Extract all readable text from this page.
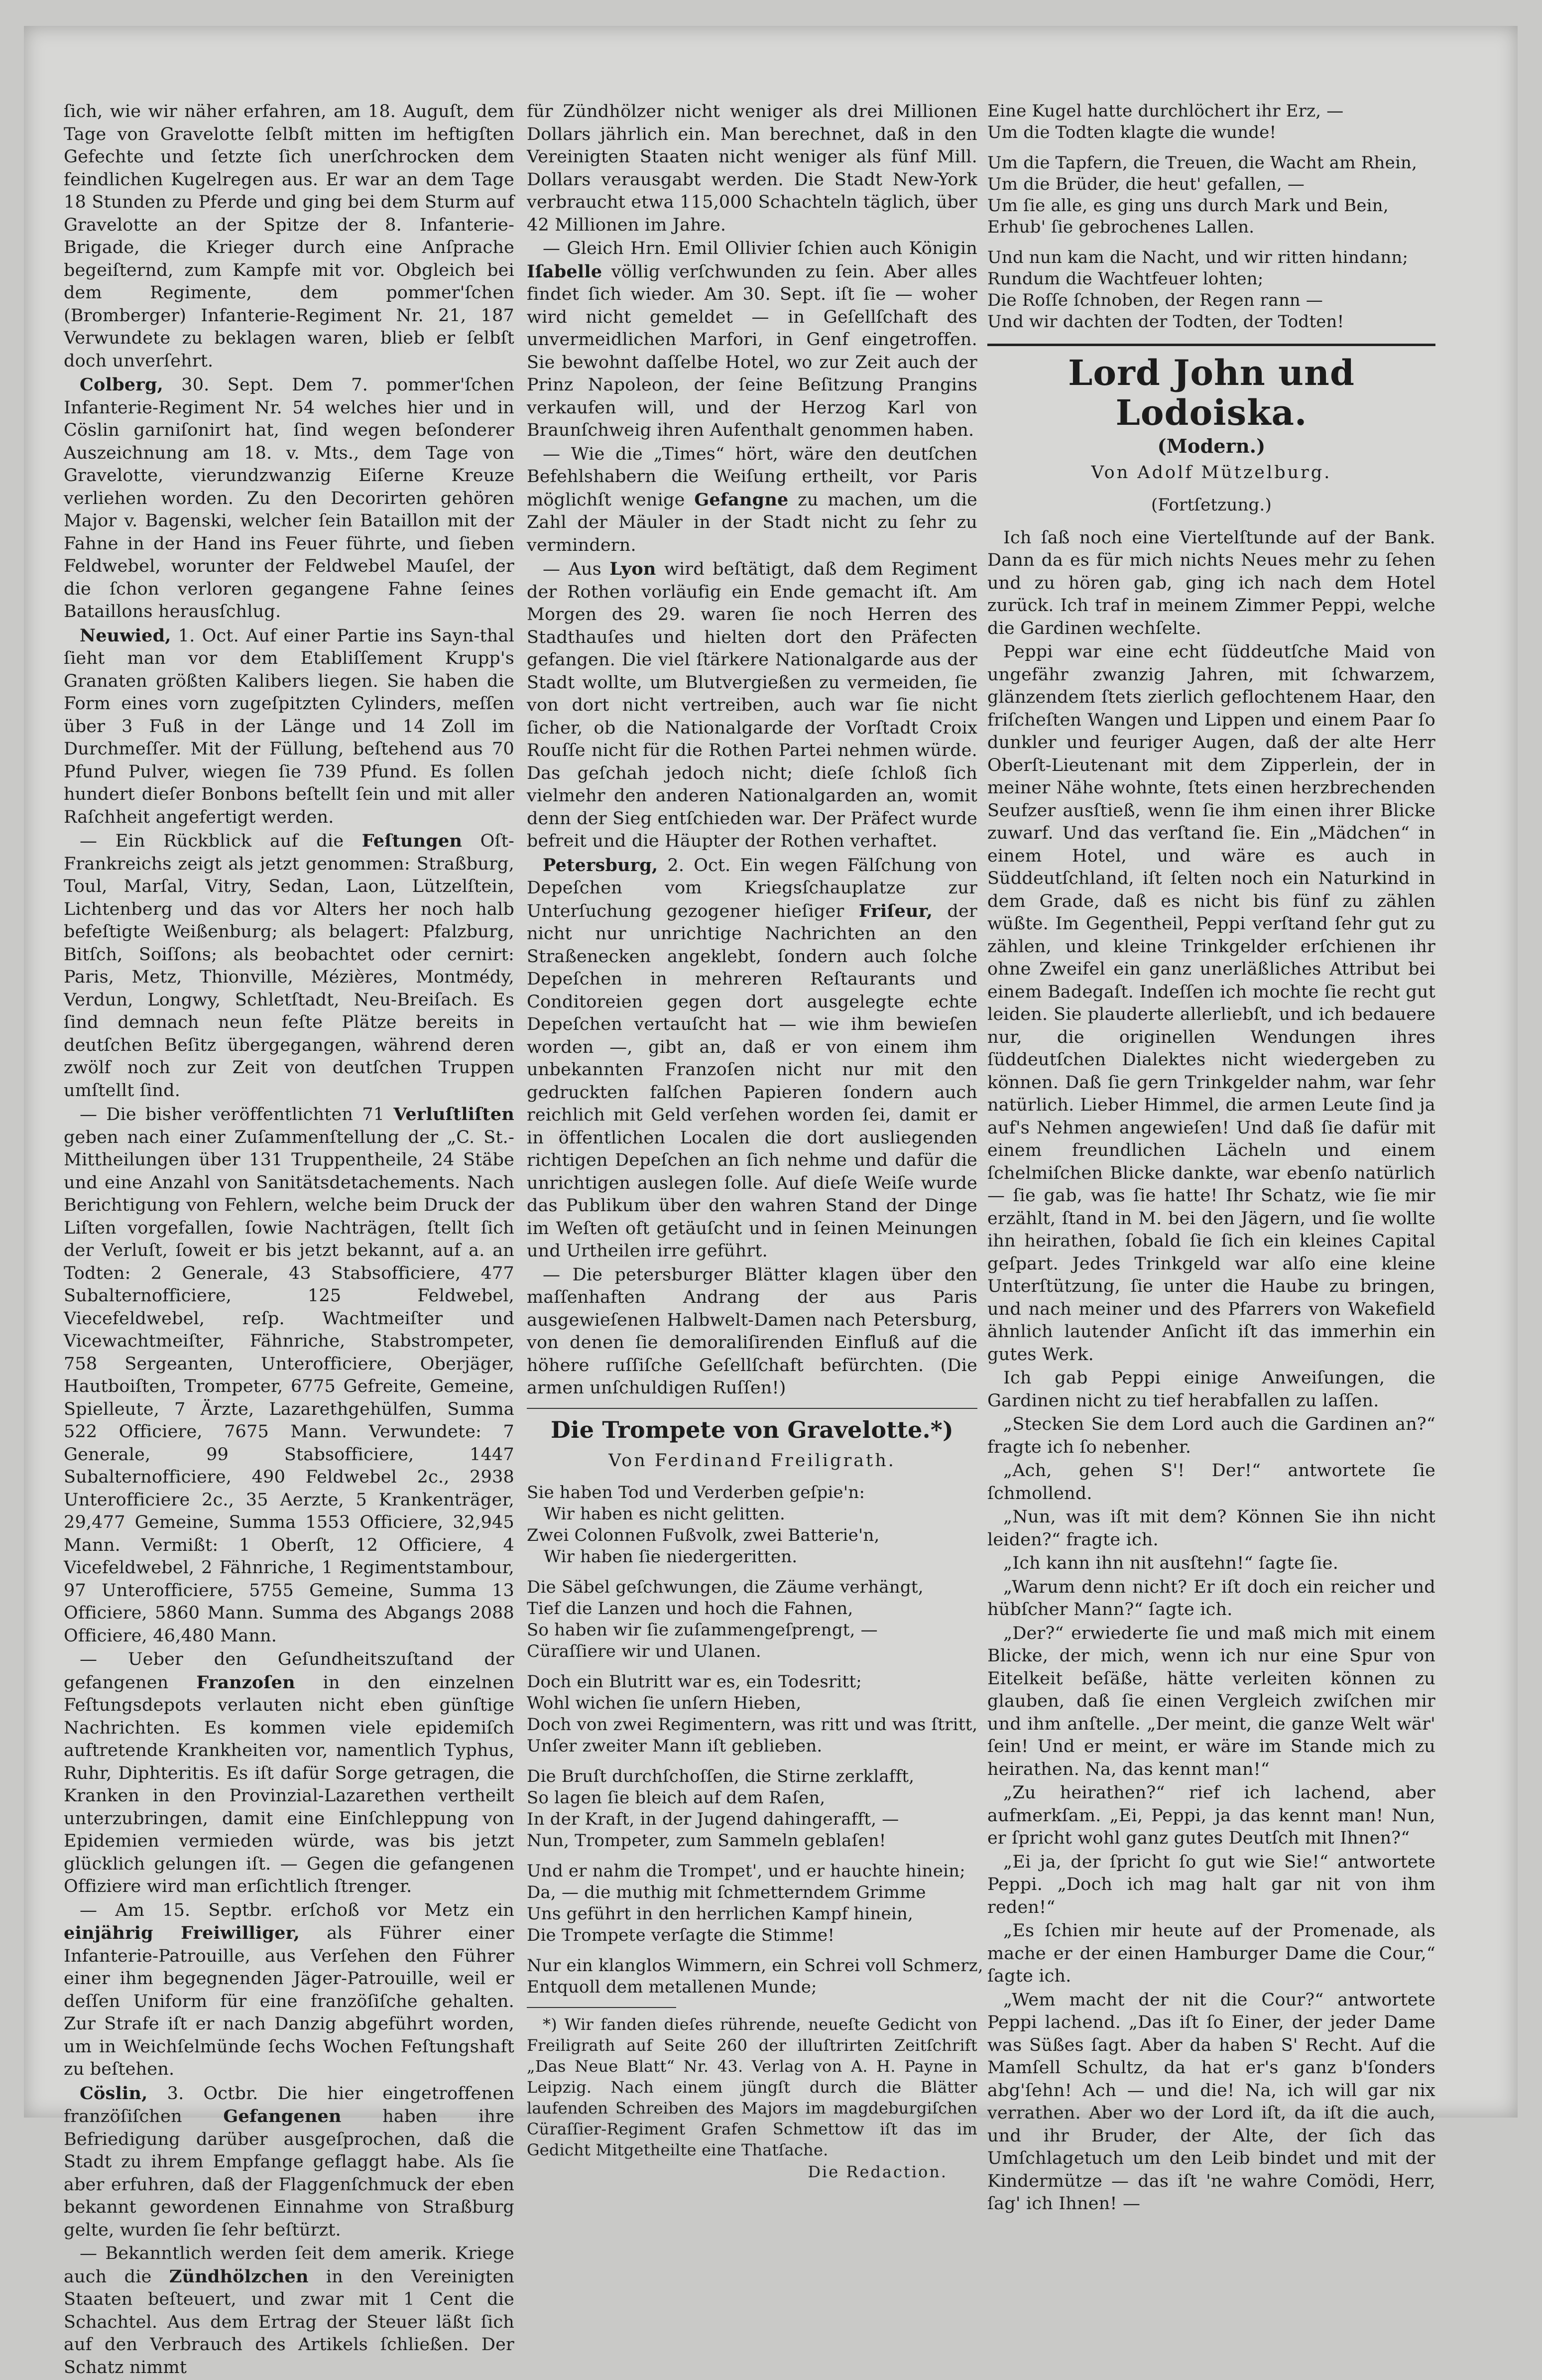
ſich, wie wir näher erfahren, am 18. Auguſt, dem Tage von Gravelotte ſelbſt mitten im heftigſten Gefechte und ſetzte ſich unerſchrocken dem feindlichen Kugelregen aus. Er war an dem Tage 18 Stunden zu Pferde und ging bei dem Sturm auf Gravelotte an der Spitze der 8. Infanterie-Brigade, die Krieger durch eine Anſprache begeiſternd, zum Kampfe mit vor. Obgleich bei dem Regimente, dem pommer'ſchen (Bromberger) Infanterie-Regiment Nr. 21, 187 Verwundete zu beklagen waren, blieb er ſelbſt doch unverſehrt.

Colberg, 30. Sept. Dem 7. pommer'ſchen Infanterie-Regiment Nr. 54 welches hier und in Cöslin garniſonirt hat, ſind wegen beſonderer Auszeichnung am 18. v. Mts., dem Tage von Gravelotte, vierundzwanzig Eiſerne Kreuze verliehen worden. Zu den Decorirten gehören Major v. Bagenski, welcher ſein Bataillon mit der Fahne in der Hand ins Feuer führte, und ſieben Feldwebel, worunter der Feldwebel Mauſel, der die ſchon verloren gegangene Fahne ſeines Bataillons herausſchlug.

Neuwied, 1. Oct. Auf einer Partie ins Sayn-thal ſieht man vor dem Etabliſſement Krupp's Granaten größten Kalibers liegen. Sie haben die Form eines vorn zugeſpitzten Cylinders, meſſen über 3 Fuß in der Länge und 14 Zoll im Durchmeſſer. Mit der Füllung, beſtehend aus 70 Pfund Pulver, wiegen ſie 739 Pfund. Es ſollen hundert dieſer Bonbons beſtellt ſein und mit aller Raſchheit angefertigt werden.

— Ein Rückblick auf die Feſtungen Oſt-Frankreichs zeigt als jetzt genommen: Straßburg, Toul, Marſal, Vitry, Sedan, Laon, Lützelſtein, Lichtenberg und das vor Alters her noch halb befeſtigte Weißenburg; als belagert: Pfalzburg, Bitſch, Soiſſons; als beobachtet oder cernirt: Paris, Metz, Thionville, Mézières, Montmédy, Verdun, Longwy, Schletſtadt, Neu-Breiſach. Es ſind demnach neun feſte Plätze bereits in deutſchen Beſitz übergegangen, während deren zwölf noch zur Zeit von deutſchen Truppen umſtellt ſind.

— Die bisher veröffentlichten 71 Verluſtliſten geben nach einer Zuſammenſtellung der „C. St.-Mittheilungen über 131 Truppentheile, 24 Stäbe und eine Anzahl von Sanitätsdetachements. Nach Berichtigung von Fehlern, welche beim Druck der Liſten vorgefallen, ſowie Nachträgen, ſtellt ſich der Verluſt, ſoweit er bis jetzt bekannt, auf a. an Todten: 2 Generale, 43 Stabsofficiere, 477 Subalternofficiere, 125 Feldwebel, Viecefeldwebel, reſp. Wachtmeiſter und Vicewachtmeiſter, Fähnriche, Stabstrompeter, 758 Sergeanten, Unterofficiere, Oberjäger, Hautboiſten, Trompeter, 6775 Gefreite, Gemeine, Spielleute, 7 Ärzte, Lazarethgehülfen, Summa 522 Officiere, 7675 Mann. Verwundete: 7 Generale, 99 Stabsofficiere, 1447 Subalternofficiere, 490 Feldwebel 2c., 2938 Unterofficiere 2c., 35 Aerzte, 5 Krankenträger, 29,477 Gemeine, Summa 1553 Officiere, 32,945 Mann. Vermißt: 1 Oberſt, 12 Officiere, 4 Vicefeldwebel, 2 Fähnriche, 1 Regimentstambour, 97 Unterofficiere, 5755 Gemeine, Summa 13 Officiere, 5860 Mann. Summa des Abgangs 2088 Officiere, 46,480 Mann.

— Ueber den Geſundheitszuſtand der gefangenen Franzoſen in den einzelnen Feſtungsdepots verlauten nicht eben günſtige Nachrichten. Es kommen viele epidemiſch auftretende Krankheiten vor, namentlich Typhus, Ruhr, Diphteritis. Es iſt dafür Sorge getragen, die Kranken in den Provinzial-Lazarethen vertheilt unterzubringen, damit eine Einſchleppung von Epidemien vermieden würde, was bis jetzt glücklich gelungen iſt. — Gegen die gefangenen Offiziere wird man erſichtlich ſtrenger.

— Am 15. Septbr. erſchoß vor Metz ein einjährig Freiwilliger, als Führer einer Infanterie-Patrouille, aus Verſehen den Führer einer ihm begegnenden Jäger-Patrouille, weil er deſſen Uniform für eine franzöſiſche gehalten. Zur Strafe iſt er nach Danzig abgeführt worden, um in Weichſelmünde ſechs Wochen Feſtungshaft zu beſtehen.

Cöslin, 3. Octbr. Die hier eingetroffenen franzöſiſchen Gefangenen haben ihre Befriedigung darüber ausgeſprochen, daß die Stadt zu ihrem Empfange geflaggt habe. Als ſie aber erfuhren, daß der Flaggenſchmuck der eben bekannt gewordenen Einnahme von Straßburg gelte, wurden ſie ſehr beſtürzt.

— Bekanntlich werden ſeit dem amerik. Kriege auch die Zündhölzchen in den Vereinigten Staaten beſteuert, und zwar mit 1 Cent die Schachtel. Aus dem Ertrag der Steuer läßt ſich auf den Verbrauch des Artikels ſchließen. Der Schatz nimmt

für Zündhölzer nicht weniger als drei Millionen Dollars jährlich ein. Man berechnet, daß in den Vereinigten Staaten nicht weniger als fünf Mill. Dollars verausgabt werden. Die Stadt New-York verbraucht etwa 115,000 Schachteln täglich, über 42 Millionen im Jahre.

— Gleich Hrn. Emil Ollivier ſchien auch Königin Iſabelle völlig verſchwunden zu ſein. Aber alles findet ſich wieder. Am 30. Sept. iſt ſie — woher wird nicht gemeldet — in Geſellſchaft des unvermeidlichen Marfori, in Genf eingetroffen. Sie bewohnt daſſelbe Hotel, wo zur Zeit auch der Prinz Napoleon, der ſeine Beſitzung Prangins verkaufen will, und der Herzog Karl von Braunſchweig ihren Aufenthalt genommen haben.

— Wie die „Times“ hört, wäre den deutſchen Befehlshabern die Weiſung ertheilt, vor Paris möglichſt wenige Gefangne zu machen, um die Zahl der Mäuler in der Stadt nicht zu ſehr zu vermindern.

— Aus Lyon wird beſtätigt, daß dem Regiment der Rothen vorläufig ein Ende gemacht iſt. Am Morgen des 29. waren ſie noch Herren des Stadthauſes und hielten dort den Präfecten gefangen. Die viel ſtärkere Nationalgarde aus der Stadt wollte, um Blutvergießen zu vermeiden, ſie von dort nicht vertreiben, auch war ſie nicht ſicher, ob die Nationalgarde der Vorſtadt Croix Rouſſe nicht für die Rothen Partei nehmen würde. Das geſchah jedoch nicht; dieſe ſchloß ſich vielmehr den anderen Nationalgarden an, womit denn der Sieg entſchieden war. Der Präfect wurde befreit und die Häupter der Rothen verhaftet.

Petersburg, 2. Oct. Ein wegen Fälſchung von Depeſchen vom Kriegsſchauplatze zur Unterſuchung gezogener hieſiger Friſeur, der nicht nur unrichtige Nachrichten an den Straßenecken angeklebt, ſondern auch ſolche Depeſchen in mehreren Reſtaurants und Conditoreien gegen dort ausgelegte echte Depeſchen vertauſcht hat — wie ihm bewieſen worden —, gibt an, daß er von einem ihm unbekannten Franzoſen nicht nur mit den gedruckten falſchen Papieren ſondern auch reichlich mit Geld verſehen worden ſei, damit er in öffentlichen Localen die dort ausliegenden richtigen Depeſchen an ſich nehme und dafür die unrichtigen auslegen ſolle. Auf dieſe Weiſe wurde das Publikum über den wahren Stand der Dinge im Weſten oft getäuſcht und in ſeinen Meinungen und Urtheilen irre geführt.

— Die petersburger Blätter klagen über den maſſenhaften Andrang der aus Paris ausgewieſenen Halbwelt-Damen nach Petersburg, von denen ſie demoraliſirenden Einfluß auf die höhere ruſſiſche Geſellſchaft befürchten. (Die armen unſchuldigen Ruſſen!)

Die Trompete von Gravelotte.*)
Von Ferdinand Freiligrath.
Sie haben Tod und Verderben geſpie'n:
Wir haben es nicht gelitten.
Zwei Colonnen Fußvolk, zwei Batterie'n,
Wir haben ſie niedergeritten.
Die Säbel geſchwungen, die Zäume verhängt,
Tief die Lanzen und hoch die Fahnen,
So haben wir ſie zuſammengeſprengt, —
Cüraſſiere wir und Ulanen.
Doch ein Blutritt war es, ein Todesritt;
Wohl wichen ſie unſern Hieben,
Doch von zwei Regimentern, was ritt und was ſtritt,
Unſer zweiter Mann iſt geblieben.
Die Bruſt durchſchoſſen, die Stirne zerklafft,
So lagen ſie bleich auf dem Raſen,
In der Kraft, in der Jugend dahingerafft, —
Nun, Trompeter, zum Sammeln geblaſen!
Und er nahm die Trompet', und er hauchte hinein;
Da, — die muthig mit ſchmetterndem Grimme
Uns geführt in den herrlichen Kampf hinein,
Die Trompete verſagte die Stimme!
Nur ein klanglos Wimmern, ein Schrei voll Schmerz,
Entquoll dem metallenen Munde;

*) Wir fanden dieſes rührende, neueſte Gedicht von Freiligrath auf Seite 260 der illuſtrirten Zeitſchrift „Das Neue Blatt“ Nr. 43. Verlag von A. H. Payne in Leipzig. Nach einem jüngſt durch die Blätter laufenden Schreiben des Majors im magdeburgiſchen Cüraſſier-Regiment Grafen Schmettow iſt das im Gedicht Mitgetheilte eine Thatſache.

Die Redaction.
Eine Kugel hatte durchlöchert ihr Erz, —
Um die Todten klagte die wunde!
Um die Tapfern, die Treuen, die Wacht am Rhein,
Um die Brüder, die heut' gefallen, —
Um ſie alle, es ging uns durch Mark und Bein,
Erhub' ſie gebrochenes Lallen.
Und nun kam die Nacht, und wir ritten hindann;
Rundum die Wachtfeuer lohten;
Die Roſſe ſchnoben, der Regen rann —
Und wir dachten der Todten, der Todten!
Lord John und Lodoiska.
(Modern.)
Von Adolf Mützelburg.
(Fortſetzung.)

Ich ſaß noch eine Viertelſtunde auf der Bank. Dann da es für mich nichts Neues mehr zu ſehen und zu hören gab, ging ich nach dem Hotel zurück. Ich traf in meinem Zimmer Peppi, welche die Gardinen wechſelte.

Peppi war eine echt ſüddeutſche Maid von ungefähr zwanzig Jahren, mit ſchwarzem, glänzendem ſtets zierlich geflochtenem Haar, den friſcheſten Wangen und Lippen und einem Paar ſo dunkler und feuriger Augen, daß der alte Herr Oberſt-Lieutenant mit dem Zipperlein, der in meiner Nähe wohnte, ſtets einen herzbrechenden Seufzer ausſtieß, wenn ſie ihm einen ihrer Blicke zuwarf. Und das verſtand ſie. Ein „Mädchen“ in einem Hotel, und wäre es auch in Süddeutſchland, iſt ſelten noch ein Naturkind in dem Grade, daß es nicht bis fünf zu zählen wüßte. Im Gegentheil, Peppi verſtand ſehr gut zu zählen, und kleine Trinkgelder erſchienen ihr ohne Zweifel ein ganz unerläßliches Attribut bei einem Badegaſt. Indeſſen ich mochte ſie recht gut leiden. Sie plauderte allerliebſt, und ich bedauere nur, die originellen Wendungen ihres ſüddeutſchen Dialektes nicht wiedergeben zu können. Daß ſie gern Trinkgelder nahm, war ſehr natürlich. Lieber Himmel, die armen Leute ſind ja auf's Nehmen angewieſen! Und daß ſie dafür mit einem freundlichen Lächeln und einem ſchelmiſchen Blicke dankte, war ebenſo natürlich — ſie gab, was ſie hatte! Ihr Schatz, wie ſie mir erzählt, ſtand in M. bei den Jägern, und ſie wollte ihn heirathen, ſobald ſie ſich ein kleines Capital geſpart. Jedes Trinkgeld war alſo eine kleine Unterſtützung, ſie unter die Haube zu bringen, und nach meiner und des Pfarrers von Wakefield ähnlich lautender Anſicht iſt das immerhin ein gutes Werk.

Ich gab Peppi einige Anweiſungen, die Gardinen nicht zu tief herabfallen zu laſſen.

„Stecken Sie dem Lord auch die Gardinen an?“ fragte ich ſo nebenher.

„Ach, gehen S'! Der!“ antwortete ſie ſchmollend.

„Nun, was iſt mit dem? Können Sie ihn nicht leiden?“ fragte ich.

„Ich kann ihn nit ausſtehn!“ ſagte ſie.

„Warum denn nicht? Er iſt doch ein reicher und hübſcher Mann?“ ſagte ich.

„Der?“ erwiederte ſie und maß mich mit einem Blicke, der mich, wenn ich nur eine Spur von Eitelkeit beſäße, hätte verleiten können zu glauben, daß ſie einen Vergleich zwiſchen mir und ihm anſtelle. „Der meint, die ganze Welt wär' ſein! Und er meint, er wäre im Stande mich zu heirathen. Na, das kennt man!“

„Zu heirathen?“ rief ich lachend, aber aufmerkſam. „Ei, Peppi, ja das kennt man! Nun, er ſpricht wohl ganz gutes Deutſch mit Ihnen?“

„Ei ja, der ſpricht ſo gut wie Sie!“ antwortete Peppi. „Doch ich mag halt gar nit von ihm reden!“

„Es ſchien mir heute auf der Promenade, als mache er der einen Hamburger Dame die Cour,“ ſagte ich.

„Wem macht der nit die Cour?“ antwortete Peppi lachend. „Das iſt ſo Einer, der jeder Dame was Süßes ſagt. Aber da haben S' Recht. Auf die Mamſell Schultz, da hat er's ganz b'ſonders abg'ſehn! Ach — und die! Na, ich will gar nix verrathen. Aber wo der Lord iſt, da iſt die auch, und ihr Bruder, der Alte, der ſich das Umſchlagetuch um den Leib bindet und mit der Kindermütze — das iſt 'ne wahre Comödi, Herr, ſag' ich Ihnen! —
